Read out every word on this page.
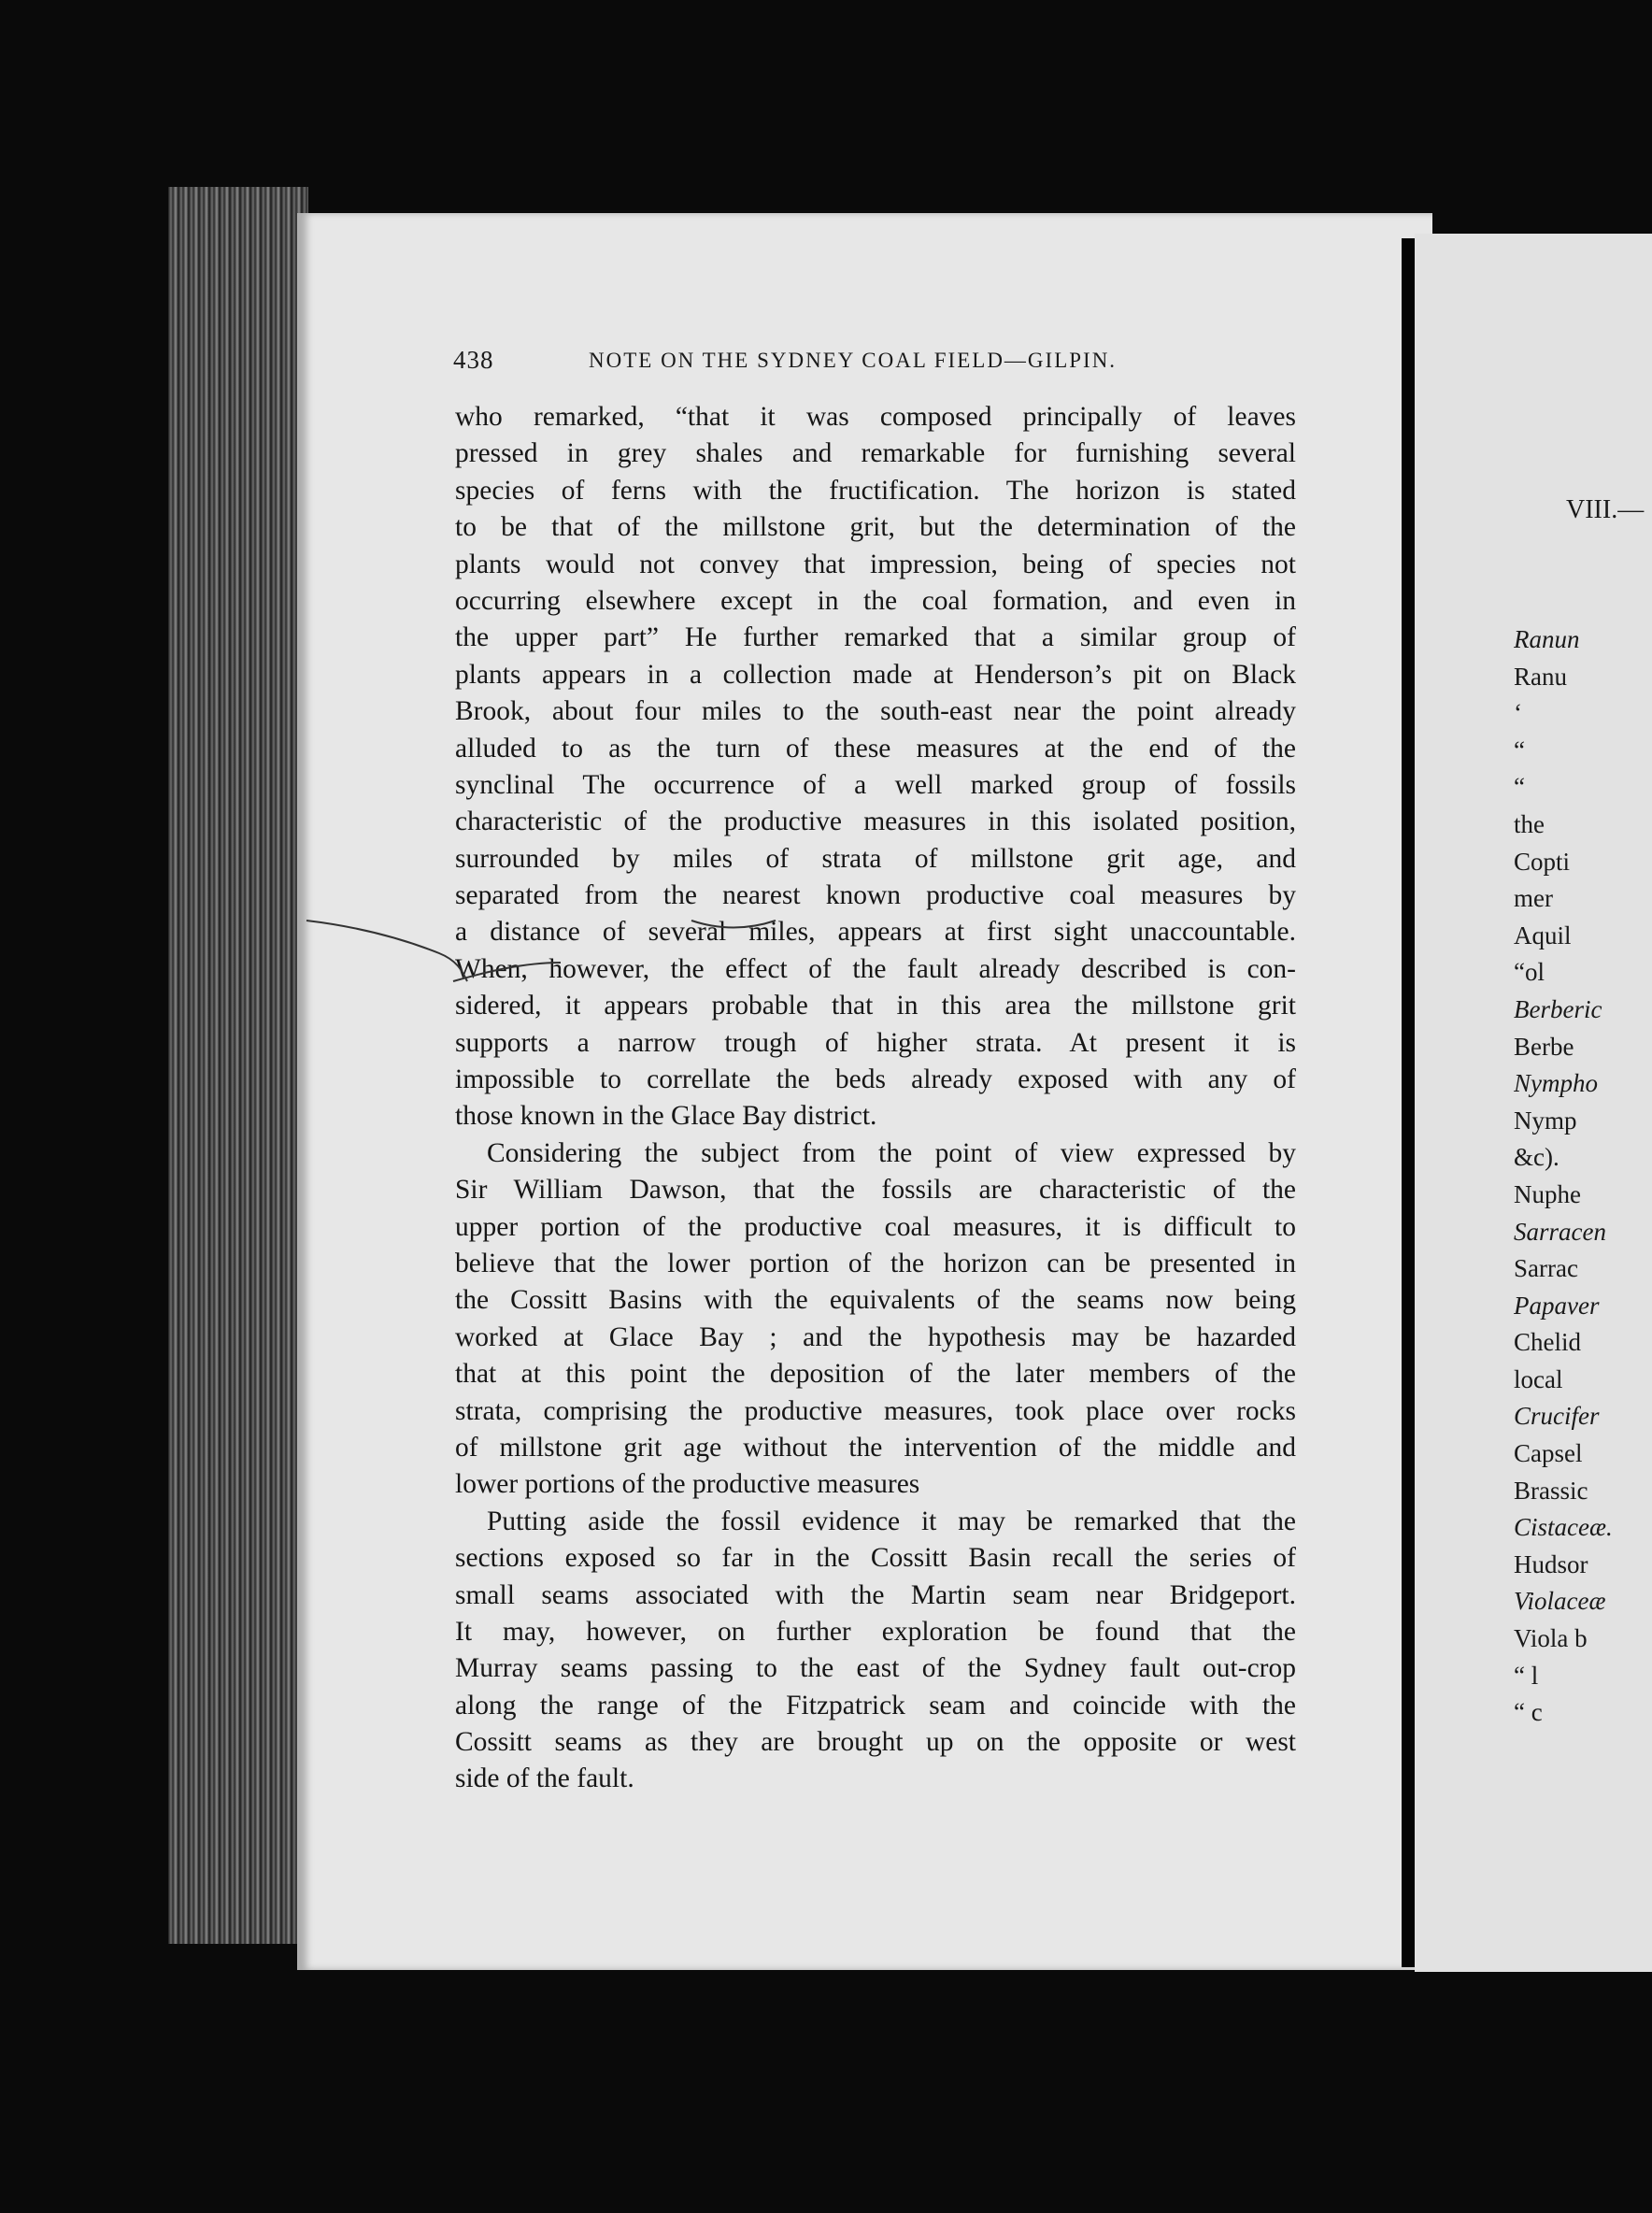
438	NOTE ON THE SYDNEY COAL FIELD—GILPIN.
who remarked, “that it was composed principally of leaves
pressed in grey shales and remarkable for furnishing several
species of ferns with the fructification. The horizon is stated
to be that of the millstone grit, but the determination of the
plants would not convey that impression, being of species not
occurring elsewhere except in the coal formation, and even in
the upper part” He further remarked that a similar group of
plants appears in a collection made at Henderson’s pit on Black
Brook, about four miles to the south-east near the point already
alluded to as the turn of these measures at the end of the
synclinal The occurrence of a well marked group of fossils
characteristic of the productive measures in this isolated position,
surrounded by miles of strata of millstone grit age, and
separated from the nearest known productive coal measures by
a distance of several miles, appears at first sight unaccountable.
When, however, the effect of the fault already described is con-
sidered, it appears probable that in this area the millstone grit
supports a narrow trough of higher strata. At present it is
impossible to correllate the beds already exposed with any of
those known in the Glace Bay district.
Considering the subject from the point of view expressed by
Sir William Dawson, that the fossils are characteristic of the
upper portion of the productive coal measures, it is difficult to
believe that the lower portion of the horizon can be presented in
the Cossitt Basins with the equivalents of the seams now being
worked at Glace Bay ; and the hypothesis may be hazarded
that at this point the deposition of the later members of the
strata, comprising the productive measures, took place over rocks
of millstone grit age without the intervention of the middle and
lower portions of the productive measures
Putting aside the fossil evidence it may be remarked that the
sections exposed so far in the Cossitt Basin recall the series of
small seams associated with the Martin seam near Bridgeport.
It may, however, on further exploration be found that the
Murray seams passing to the east of the Sydney fault out-crop
along the range of the Fitzpatrick seam and coincide with the
Cossitt seams as they are brought up on the opposite or west
side of the fault.
VIII.—
Ranun
Ranu
‘
“
“
the
Copti
mer
Aquil
“ol
Berberic
Berbe
Nympho
Nymp
&c).
Nuphe
Sarracen
Sarrac
Papaver
Chelid
local
Crucifer
Capsel
Brassic
Cistaceæ.
Hudsor
Violaceæ
Viola b
“ l
“ c
